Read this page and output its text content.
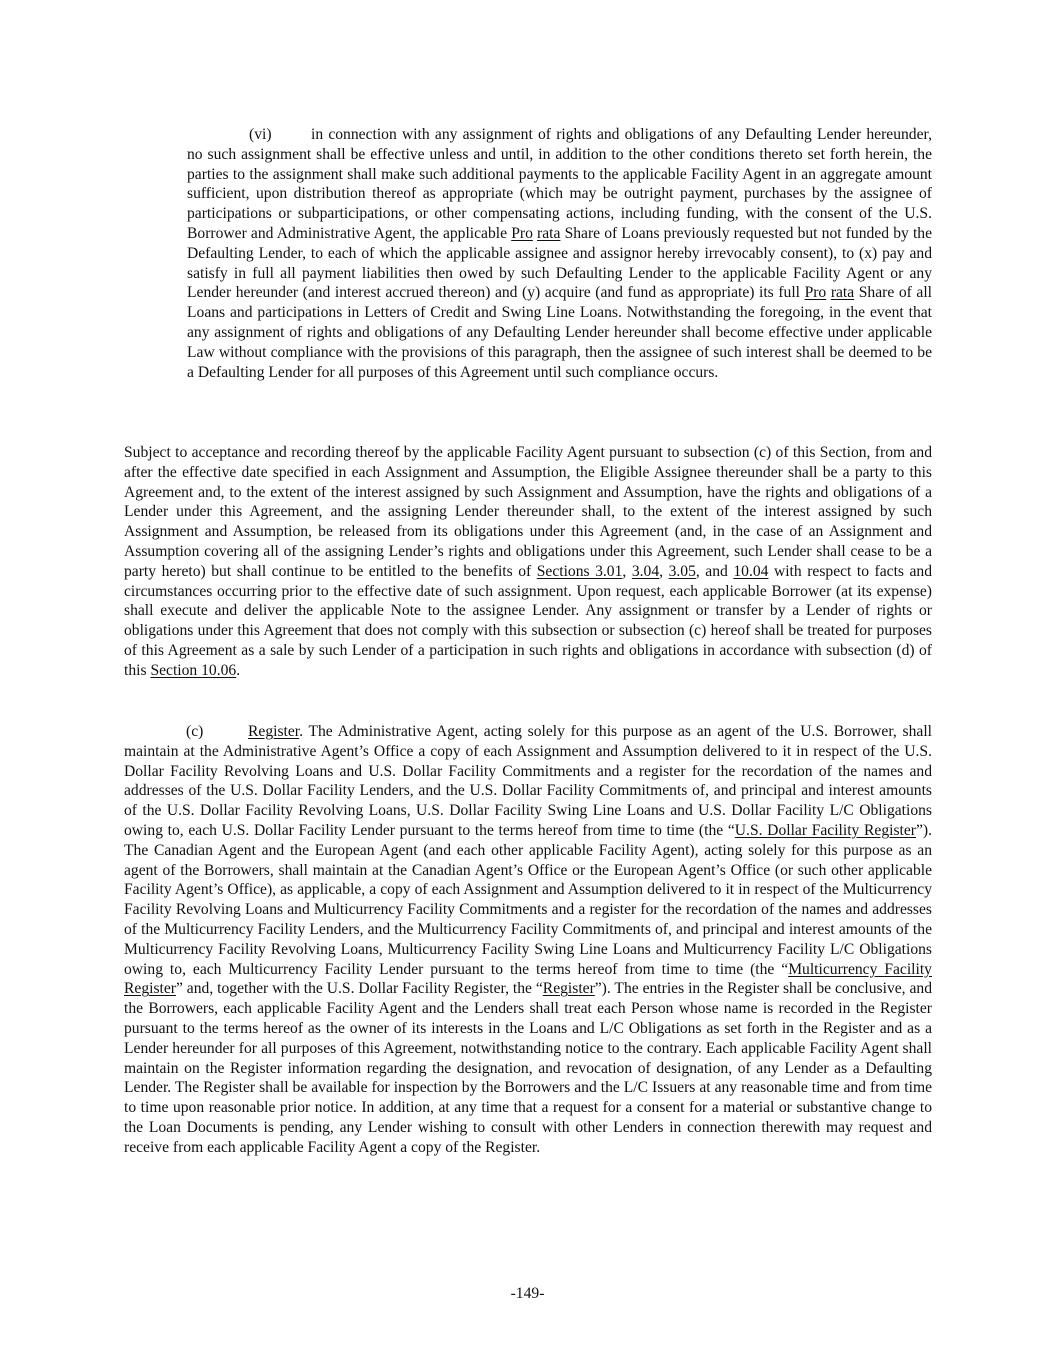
(vi)	in connection with any assignment of rights and obligations of any Defaulting Lender hereunder, no such assignment shall be effective unless and until, in addition to the other conditions thereto set forth herein, the parties to the assignment shall make such additional payments to the applicable Facility Agent in an aggregate amount sufficient, upon distribution thereof as appropriate (which may be outright payment, purchases by the assignee of participations or subparticipations, or other compensating actions, including funding, with the consent of the U.S. Borrower and Administrative Agent, the applicable Pro rata Share of Loans previously requested but not funded by the Defaulting Lender, to each of which the applicable assignee and assignor hereby irrevocably consent), to (x) pay and satisfy in full all payment liabilities then owed by such Defaulting Lender to the applicable Facility Agent or any Lender hereunder (and interest accrued thereon) and (y) acquire (and fund as appropriate) its full Pro rata Share of all Loans and participations in Letters of Credit and Swing Line Loans. Notwithstanding the foregoing, in the event that any assignment of rights and obligations of any Defaulting Lender hereunder shall become effective under applicable Law without compliance with the provisions of this paragraph, then the assignee of such interest shall be deemed to be a Defaulting Lender for all purposes of this Agreement until such compliance occurs.

Subject to acceptance and recording thereof by the applicable Facility Agent pursuant to subsection (c) of this Section, from and after the effective date specified in each Assignment and Assumption, the Eligible Assignee thereunder shall be a party to this Agreement and, to the extent of the interest assigned by such Assignment and Assumption, have the rights and obligations of a Lender under this Agreement, and the assigning Lender thereunder shall, to the extent of the interest assigned by such Assignment and Assumption, be released from its obligations under this Agreement (and, in the case of an Assignment and Assumption covering all of the assigning Lender’s rights and obligations under this Agreement, such Lender shall cease to be a party hereto) but shall continue to be entitled to the benefits of Sections 3.01, 3.04, 3.05, and 10.04 with respect to facts and circumstances occurring prior to the effective date of such assignment. Upon request, each applicable Borrower (at its expense) shall execute and deliver the applicable Note to the assignee Lender. Any assignment or transfer by a Lender of rights or obligations under this Agreement that does not comply with this subsection or subsection (c) hereof shall be treated for purposes of this Agreement as a sale by such Lender of a participation in such rights and obligations in accordance with subsection (d) of this Section 10.06.

(c)	Register. The Administrative Agent, acting solely for this purpose as an agent of the U.S. Borrower, shall maintain at the Administrative Agent’s Office a copy of each Assignment and Assumption delivered to it in respect of the U.S. Dollar Facility Revolving Loans and U.S. Dollar Facility Commitments and a register for the recordation of the names and addresses of the U.S. Dollar Facility Lenders, and the U.S. Dollar Facility Commitments of, and principal and interest amounts of the U.S. Dollar Facility Revolving Loans, U.S. Dollar Facility Swing Line Loans and U.S. Dollar Facility L/C Obligations owing to, each U.S. Dollar Facility Lender pursuant to the terms hereof from time to time (the “U.S. Dollar Facility Register”). The Canadian Agent and the European Agent (and each other applicable Facility Agent), acting solely for this purpose as an agent of the Borrowers, shall maintain at the Canadian Agent’s Office or the European Agent’s Office (or such other applicable Facility Agent’s Office), as applicable, a copy of each Assignment and Assumption delivered to it in respect of the Multicurrency Facility Revolving Loans and Multicurrency Facility Commitments and a register for the recordation of the names and addresses of the Multicurrency Facility Lenders, and the Multicurrency Facility Commitments of, and principal and interest amounts of the Multicurrency Facility Revolving Loans, Multicurrency Facility Swing Line Loans and Multicurrency Facility L/C Obligations owing to, each Multicurrency Facility Lender pursuant to the terms hereof from time to time (the “Multicurrency Facility Register” and, together with the U.S. Dollar Facility Register, the “Register”). The entries in the Register shall be conclusive, and the Borrowers, each applicable Facility Agent and the Lenders shall treat each Person whose name is recorded in the Register pursuant to the terms hereof as the owner of its interests in the Loans and L/C Obligations as set forth in the Register and as a Lender hereunder for all purposes of this Agreement, notwithstanding notice to the contrary. Each applicable Facility Agent shall maintain on the Register information regarding the designation, and revocation of designation, of any Lender as a Defaulting Lender. The Register shall be available for inspection by the Borrowers and the L/C Issuers at any reasonable time and from time to time upon reasonable prior notice. In addition, at any time that a request for a consent for a material or substantive change to the Loan Documents is pending, any Lender wishing to consult with other Lenders in connection therewith may request and receive from each applicable Facility Agent a copy of the Register.

-149-
